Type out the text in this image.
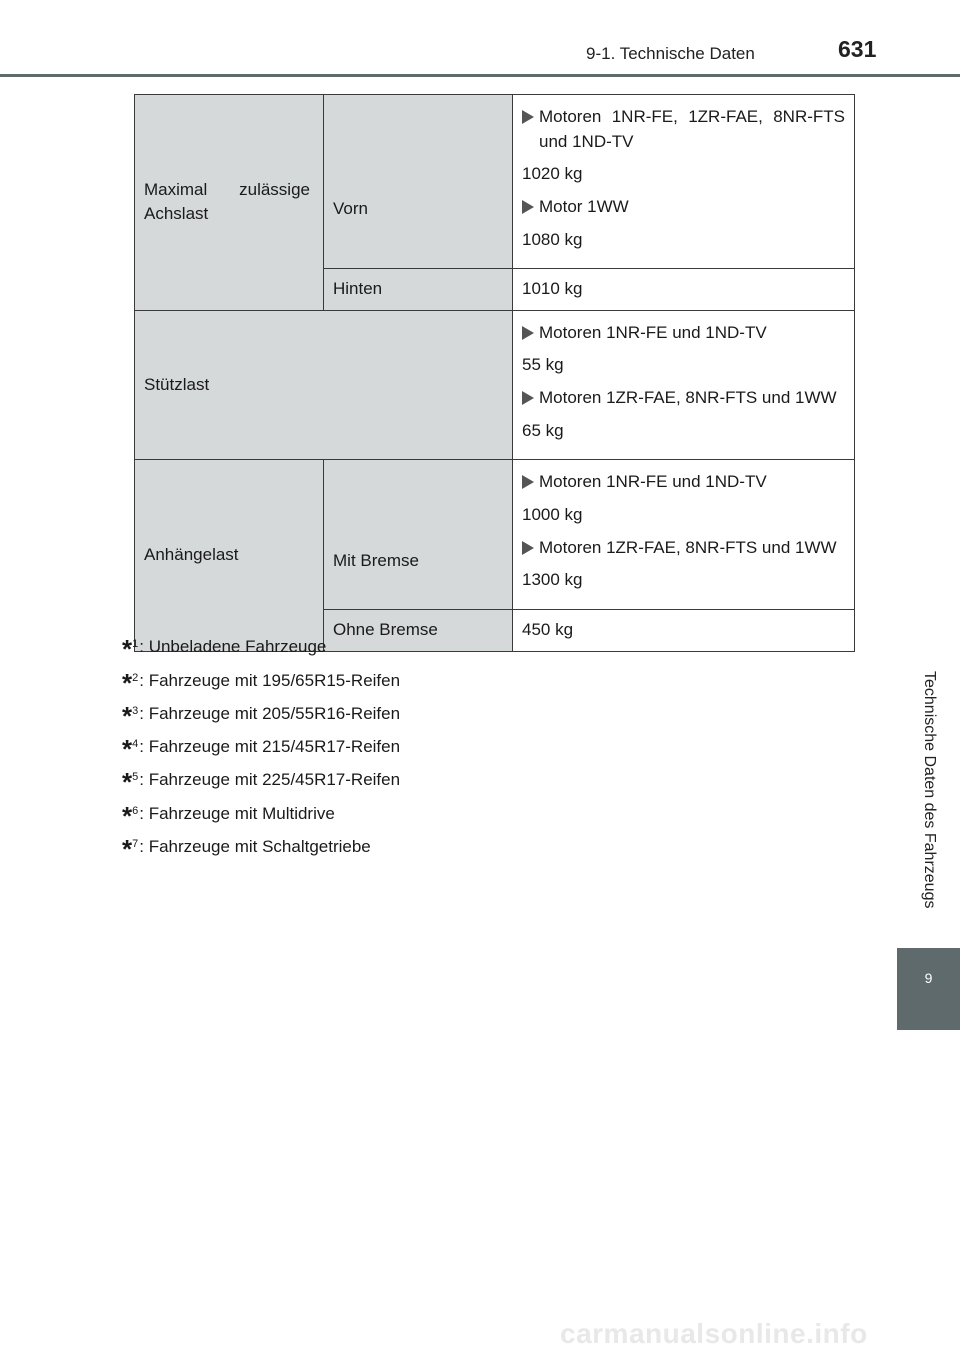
9-1. Technische Daten	631
Technische Daten des Fahrzeugs
9
Maximal zulässige Achslast	Vorn	Motoren 1NR-FE, 1ZR-FAE, 8NR-FTS und 1ND-TV
1020 kg
Motor 1WW
1080 kg

	Hinten	1010 kg
Stützlast		Motoren 1NR-FE und 1ND-TV
55 kg
Motoren 1ZR-FAE, 8NR-FTS und 1WW
65 kg

Anhängelast	Mit Bremse	Motoren 1NR-FE und 1ND-TV
1000 kg
Motoren 1ZR-FAE, 8NR-FTS und 1WW
1300 kg

	Ohne Bremse	450 kg
* 1 : Unbeladene Fahrzeuge
* 2 : Fahrzeuge mit 195/65R15-Reifen
* 3 : Fahrzeuge mit 205/55R16-Reifen
* 4 : Fahrzeuge mit 215/45R17-Reifen
* 5 : Fahrzeuge mit 225/45R17-Reifen
* 6 : Fahrzeuge mit Multidrive
* 7 : Fahrzeuge mit Schaltgetriebe
carmanualsonline.info
